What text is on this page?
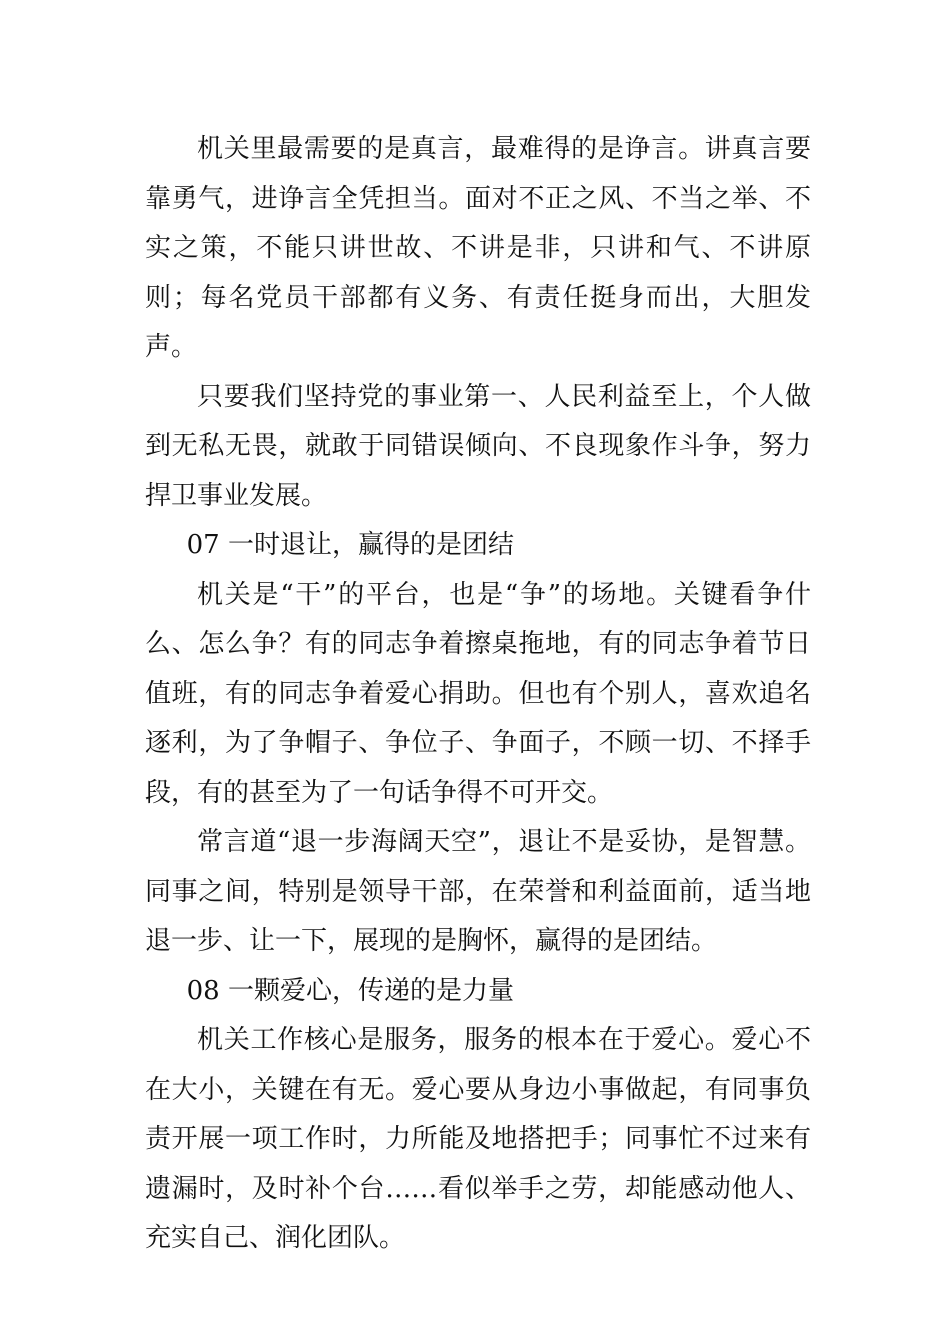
机关里最需要的是真言，最难得的是诤言。讲真言要靠勇气，进诤言全凭担当。面对不正之风、不当之举、不实之策，不能只讲世故、不讲是非，只讲和气、不讲原则；每名党员干部都有义务、有责任挺身而出，大胆发声。

只要我们坚持党的事业第一、人民利益至上，个人做到无私无畏，就敢于同错误倾向、不良现象作斗争，努力捍卫事业发展。

07 一时退让，赢得的是团结

机关是“干”的平台，也是“争”的场地。关键看争什么、怎么争？有的同志争着擦桌拖地，有的同志争着节日值班，有的同志争着爱心捐助。但也有个别人，喜欢追名逐利，为了争帽子、争位子、争面子，不顾一切、不择手段，有的甚至为了一句话争得不可开交。

常言道“退一步海阔天空”，退让不是妥协，是智慧。同事之间，特别是领导干部，在荣誉和利益面前，适当地退一步、让一下，展现的是胸怀，赢得的是团结。

08 一颗爱心，传递的是力量

机关工作核心是服务，服务的根本在于爱心。爱心不在大小，关键在有无。爱心要从身边小事做起，有同事负责开展一项工作时，力所能及地搭把手；同事忙不过来有遗漏时，及时补个台……看似举手之劳，却能感动他人、充实自己、润化团队。
